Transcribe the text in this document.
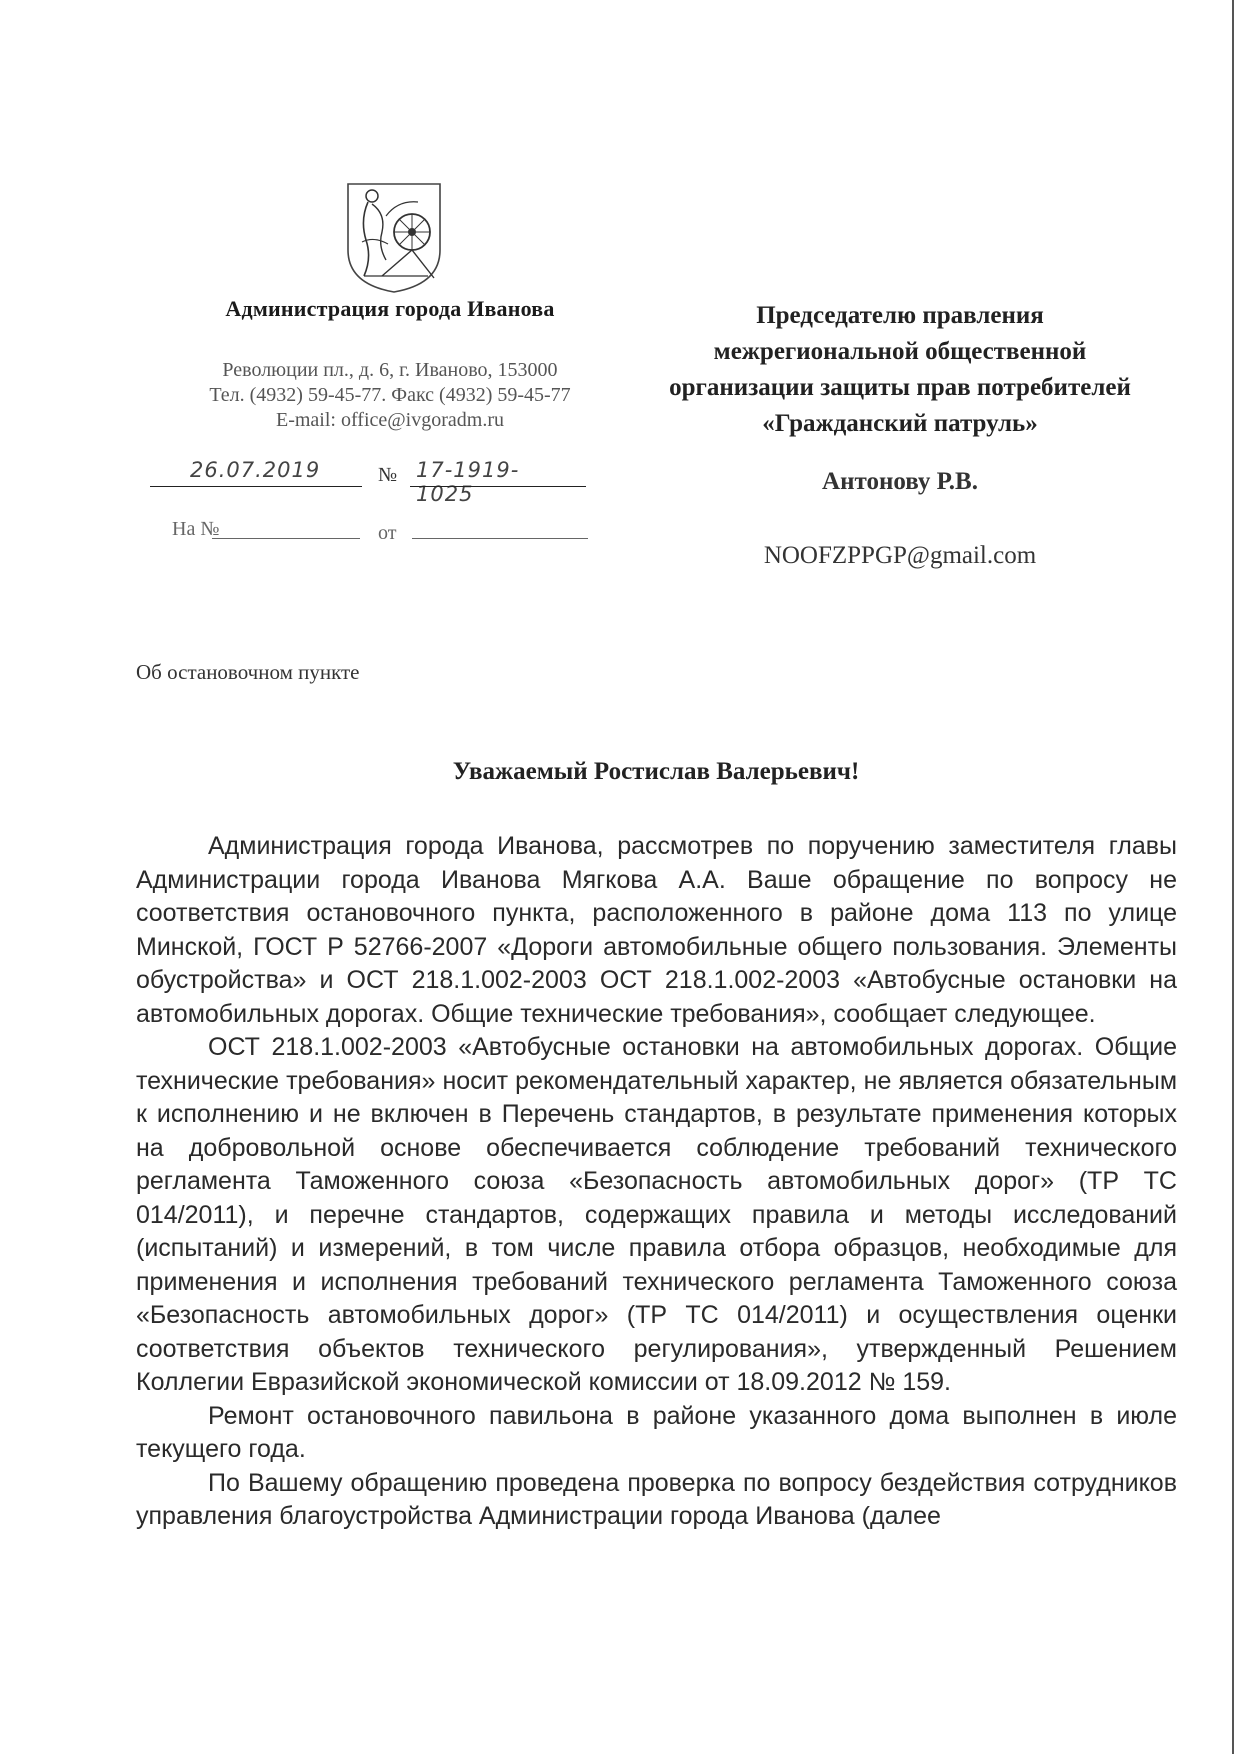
Администрация города Иванова
Революции пл., д. 6, г. Иваново, 153000
Тел. (4932) 59-45-77. Факс (4932) 59-45-77
E-mail: office@ivgoradm.ru
26.07.2019	№ 17-1919-1025
На №	от
Председателю правления
межрегиональной общественной
организации защиты прав потребителей
«Гражданский патруль»
Антонову Р.В.
NOOFZPPGP@gmail.com
Об остановочном пункте
Уважаемый Ростислав Валерьевич!

Администрация города Иванова, рассмотрев по поручению заместителя главы Администрации города Иванова Мягкова А.А. Ваше обращение по вопросу не соответствия остановочного пункта, расположенного в районе дома 113 по улице Минской, ГОСТ Р 52766-2007 «Дороги автомобильные общего пользования. Элементы обустройства» и ОСТ 218.1.002-2003 ОСТ 218.1.002-2003 «Автобусные остановки на автомобильных дорогах. Общие технические требования», сообщает следующее.

ОСТ 218.1.002-2003 «Автобусные остановки на автомобильных дорогах. Общие технические требования» носит рекомендательный характер, не является обязательным к исполнению и не включен в Перечень стандартов, в результате применения которых на добровольной основе обеспечивается соблюдение требований технического регламента Таможенного союза «Безопасность автомобильных дорог» (ТР ТС 014/2011), и перечне стандартов, содержащих правила и методы исследований (испытаний) и измерений, в том числе правила отбора образцов, необходимые для применения и исполнения требований технического регламента Таможенного союза «Безопасность автомобильных дорог» (ТР ТС 014/2011) и осуществления оценки соответствия объектов технического регулирования», утвержденный Решением Коллегии Евразийской экономической комиссии от 18.09.2012 № 159.

Ремонт остановочного павильона в районе указанного дома выполнен в июле текущего года.

По Вашему обращению проведена проверка по вопросу бездействия сотрудников управления благоустройства Администрации города Иванова (далее
